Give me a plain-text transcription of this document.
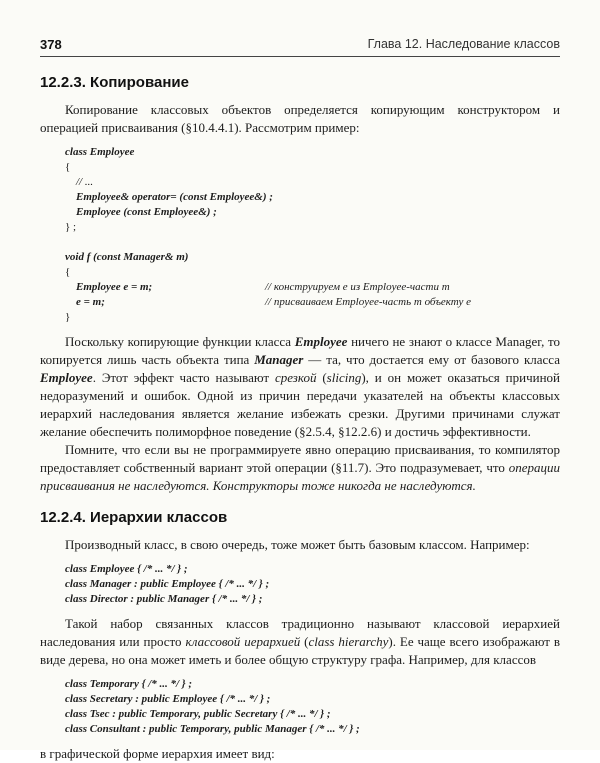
378	Глава 12. Наследование классов
12.2.3. Копирование

Копирование классовых объектов определяется копирующим конструктором и операцией присваивания (§10.4.4.1). Рассмотрим пример:

class Employee
{
// ...
Employee& operator= (const Employee&) ;
Employee (const Employee&) ;
} ;
void f (const Manager& m)
{
Employee e = m;	// конструируем e из Employee-части m
e = m;	// присваиваем Employee-часть m объекту e
}

Поскольку копирующие функции класса Employee ничего не знают о классе Manager, то копируется лишь часть объекта типа Manager — та, что достается ему от базового класса Employee. Этот эффект часто называют срезкой (slicing), и он может оказаться причиной недоразумений и ошибок. Одной из причин передачи указателей на объекты классовых иерархий наследования является желание избежать срезки. Другими причинами служат желание обеспечить полиморфное поведение (§2.5.4, §12.2.6) и достичь эффективности.

Помните, что если вы не программируете явно операцию присваивания, то компилятор предоставляет собственный вариант этой операции (§11.7). Это подразумевает, что операции присваивания не наследуются. Конструкторы тоже никогда не наследуются.

12.2.4. Иерархии классов

Производный класс, в свою очередь, тоже может быть базовым классом. Например:

class Employee { /* ... */ } ;
class Manager : public Employee { /* ... */ } ;
class Director : public Manager { /* ... */ } ;

Такой набор связанных классов традиционно называют классовой иерархией наследования или просто классовой иерархией (class hierarchy). Ее чаще всего изображают в виде дерева, но она может иметь и более общую структуру графа. Например, для классов

class Temporary { /* ... */ } ;
class Secretary : public Employee { /* ... */ } ;
class Tsec : public Temporary, public Secretary { /* ... */ } ;
class Consultant : public Temporary, public Manager { /* ... */ } ;

в графической форме иерархия имеет вид:
